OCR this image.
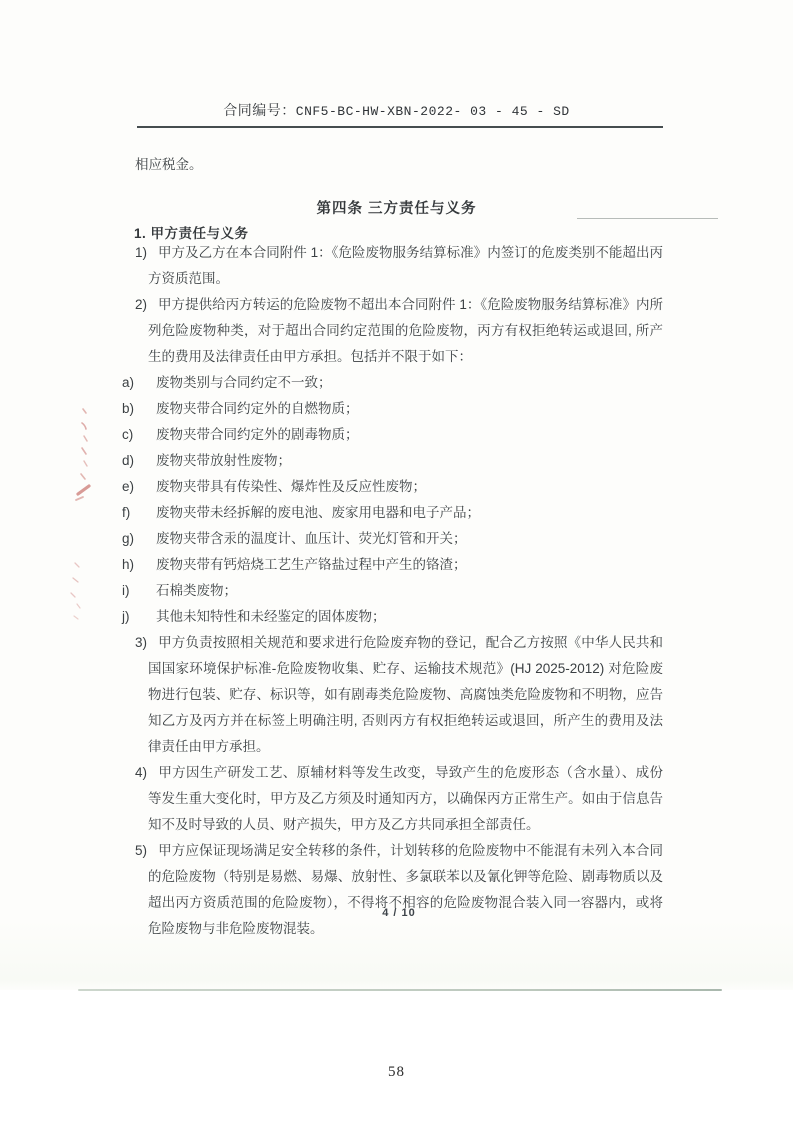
合同编号：CNF5-BC-HW-XBN-2022- 03 - 45 - SD
相应税金。
第四条 三方责任与义务
1. 甲方责任与义务
1) 甲方及乙方在本合同附件 1：《危险废物服务结算标准》内签订的危废类别不能超出丙方资质范围。
2) 甲方提供给丙方转运的危险废物不超出本合同附件 1：《危险废物服务结算标准》内所列危险废物种类，对于超出合同约定范围的危险废物，丙方有权拒绝转运或退回, 所产生的费用及法律责任由甲方承担。包括并不限于如下：
a) 废物类别与合同约定不一致；
b) 废物夹带合同约定外的自燃物质；
c) 废物夹带合同约定外的剧毒物质；
d) 废物夹带放射性废物；
e) 废物夹带具有传染性、爆炸性及反应性废物；
f) 废物夹带未经拆解的废电池、废家用电器和电子产品；
g) 废物夹带含汞的温度计、血压计、荧光灯管和开关；
h) 废物夹带有钙焙烧工艺生产铬盐过程中产生的铬渣；
i) 石棉类废物；
j) 其他未知特性和未经鉴定的固体废物；
3) 甲方负责按照相关规范和要求进行危险废弃物的登记，配合乙方按照《中华人民共和国国家环境保护标准-危险废物收集、贮存、运输技术规范》(HJ 2025-2012) 对危险废物进行包装、贮存、标识等，如有剧毒类危险废物、高腐蚀类危险废物和不明物，应告知乙方及丙方并在标签上明确注明, 否则丙方有权拒绝转运或退回，所产生的费用及法律责任由甲方承担。
4) 甲方因生产研发工艺、原辅材料等发生改变，导致产生的危废形态（含水量）、成份等发生重大变化时，甲方及乙方须及时通知丙方，以确保丙方正常生产。如由于信息告知不及时导致的人员、财产损失，甲方及乙方共同承担全部责任。
5) 甲方应保证现场满足安全转移的条件，计划转移的危险废物中不能混有未列入本合同的危险废物（特别是易燃、易爆、放射性、多氯联苯以及氰化钾等危险、剧毒物质以及超出丙方资质范围的危险废物），不得将不相容的危险废物混合装入同一容器内，或将危险废物与非危险废物混装。
4 / 10
58
